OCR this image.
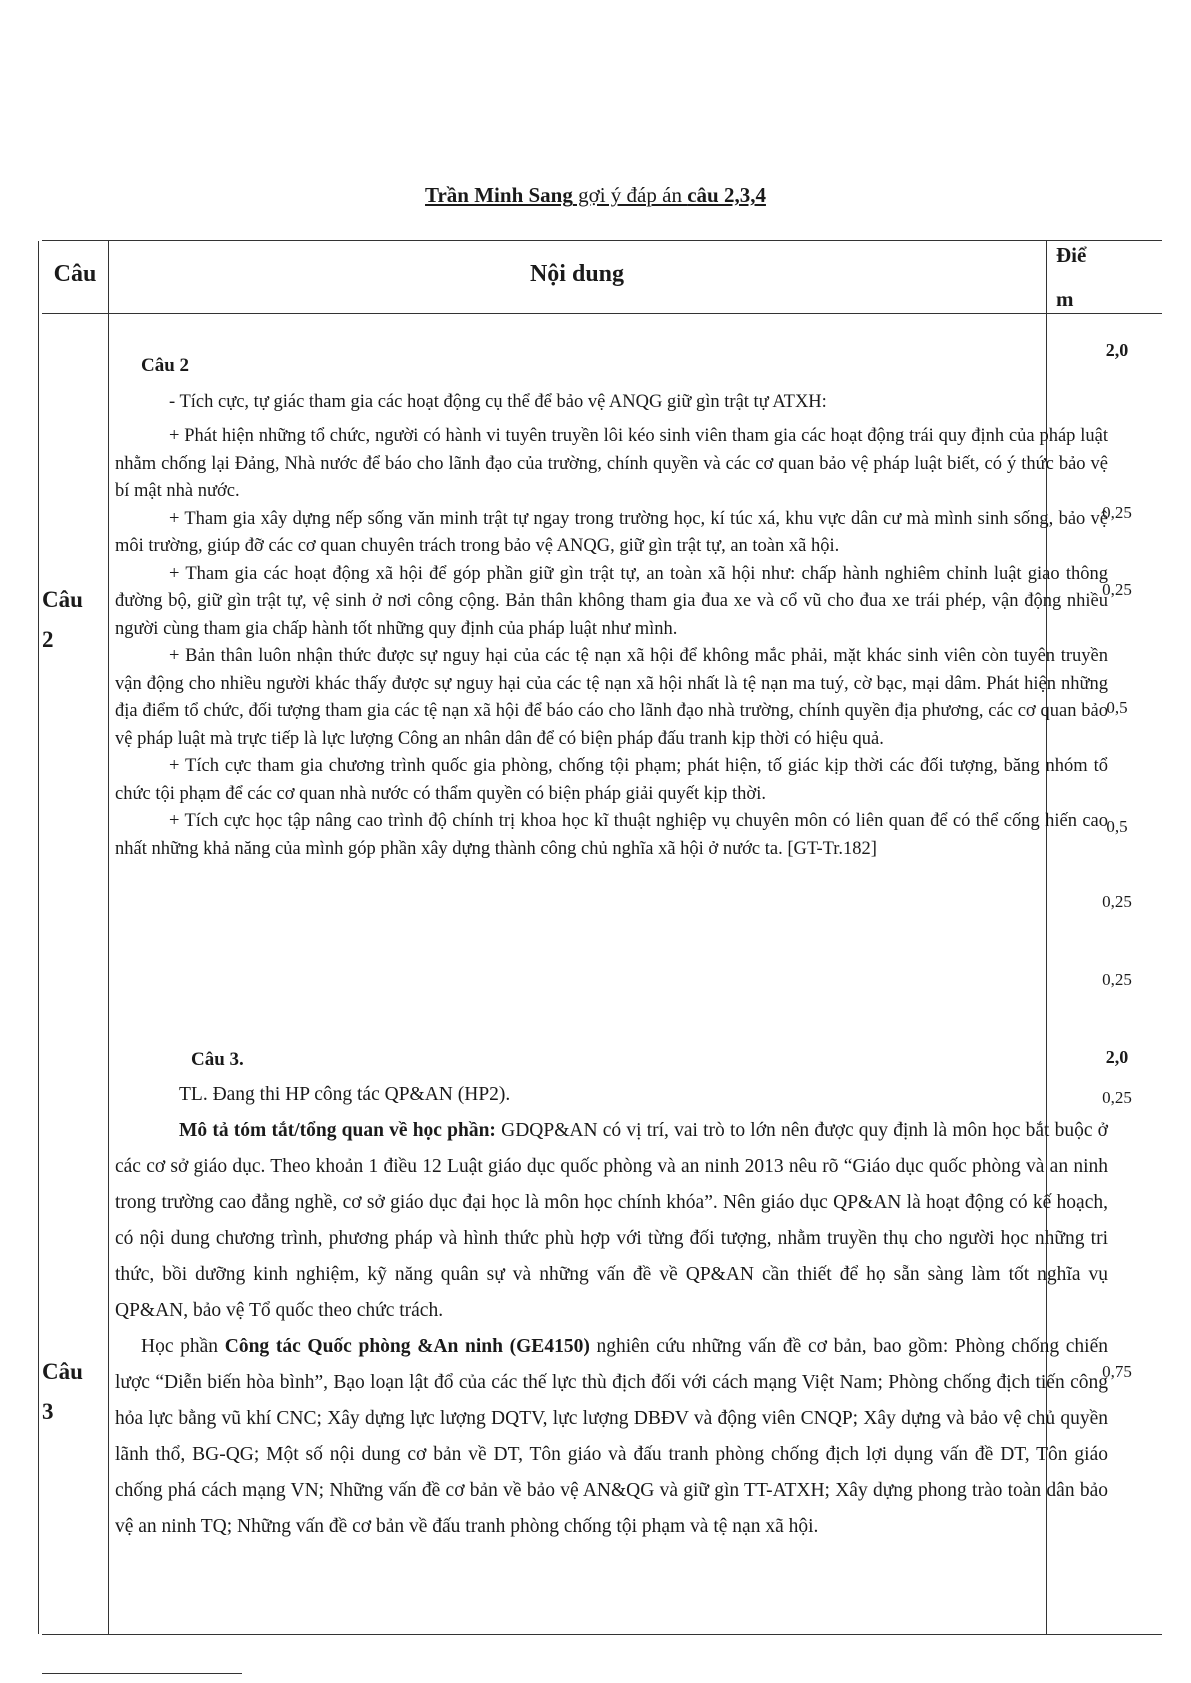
Trần Minh Sang gợi ý đáp án câu 2,3,4
Câu	Nội dung
Điể
m
Câu
2
Câu 2

- Tích cực, tự giác tham gia các hoạt động cụ thể để bảo vệ ANQG giữ gìn trật tự ATXH:

+ Phát hiện những tổ chức, người có hành vi tuyên truyền lôi kéo sinh viên tham gia các hoạt động trái quy định của pháp luật nhằm chống lại Đảng, Nhà nước để báo cho lãnh đạo của trường, chính quyền và các cơ quan bảo vệ pháp luật biết, có ý thức bảo vệ bí mật nhà nước.

+ Tham gia xây dựng nếp sống văn minh trật tự ngay trong trường học, kí túc xá, khu vực dân cư mà mình sinh sống, bảo vệ môi trường, giúp đỡ các cơ quan chuyên trách trong bảo vệ ANQG, giữ gìn trật tự, an toàn xã hội.

+ Tham gia các hoạt động xã hội để góp phần giữ gìn trật tự, an toàn xã hội như: chấp hành nghiêm chỉnh luật giao thông đường bộ, giữ gìn trật tự, vệ sinh ở nơi công cộng. Bản thân không tham gia đua xe và cổ vũ cho đua xe trái phép, vận động nhiều người cùng tham gia chấp hành tốt những quy định của pháp luật như mình.

+ Bản thân luôn nhận thức được sự nguy hại của các tệ nạn xã hội để không mắc phải, mặt khác sinh viên còn tuyên truyền vận động cho nhiều người khác thấy được sự nguy hại của các tệ nạn xã hội nhất là tệ nạn ma tuý, cờ bạc, mại dâm. Phát hiện những địa điểm tổ chức, đối tượng tham gia các tệ nạn xã hội để báo cáo cho lãnh đạo nhà trường, chính quyền địa phương, các cơ quan bảo vệ pháp luật mà trực tiếp là lực lượng Công an nhân dân để có biện pháp đấu tranh kịp thời có hiệu quả.

+ Tích cực tham gia chương trình quốc gia phòng, chống tội phạm; phát hiện, tố giác kịp thời các đối tượng, băng nhóm tổ chức tội phạm để các cơ quan nhà nước có thẩm quyền có biện pháp giải quyết kịp thời.

+ Tích cực học tập nâng cao trình độ chính trị khoa học kĩ thuật nghiệp vụ chuyên môn có liên quan để có thể cống hiến cao nhất những khả năng của mình góp phần xây dựng thành công chủ nghĩa xã hội ở nước ta. [GT-Tr.182]

2,0
0,25
0,25
0,5
0,5
0,25
0,25
Câu
3
Câu 3.

TL. Đang thi HP công tác QP&AN (HP2).

Mô tả tóm tắt/tổng quan về học phần: GDQP&AN có vị trí, vai trò to lớn nên được quy định là môn học bắt buộc ở các cơ sở giáo dục. Theo khoản 1 điều 12 Luật giáo dục quốc phòng và an ninh 2013 nêu rõ “Giáo dục quốc phòng và an ninh trong trường cao đẳng nghề, cơ sở giáo dục đại học là môn học chính khóa”. Nên giáo dục QP&AN là hoạt động có kế hoạch, có nội dung chương trình, phương pháp và hình thức phù hợp với từng đối tượng, nhằm truyền thụ cho người học những tri thức, bồi dưỡng kinh nghiệm, kỹ năng quân sự và những vấn đề về QP&AN cần thiết để họ sẵn sàng làm tốt nghĩa vụ QP&AN, bảo vệ Tổ quốc theo chức trách.

Học phần Công tác Quốc phòng &An ninh (GE4150) nghiên cứu những vấn đề cơ bản, bao gồm: Phòng chống chiến lược “Diễn biến hòa bình”, Bạo loạn lật đổ của các thế lực thù địch đối với cách mạng Việt Nam; Phòng chống địch tiến công hỏa lực bằng vũ khí CNC; Xây dựng lực lượng DQTV, lực lượng DBĐV và động viên CNQP; Xây dựng và bảo vệ chủ quyền lãnh thổ, BG-QG; Một số nội dung cơ bản về DT, Tôn giáo và đấu tranh phòng chống địch lợi dụng vấn đề DT, Tôn giáo chống phá cách mạng VN; Những vấn đề cơ bản về bảo vệ AN&QG và giữ gìn TT-ATXH; Xây dựng phong trào toàn dân bảo vệ an ninh TQ; Những vấn đề cơ bản về đấu tranh phòng chống tội phạm và tệ nạn xã hội.

2,0
0,25
0,75
